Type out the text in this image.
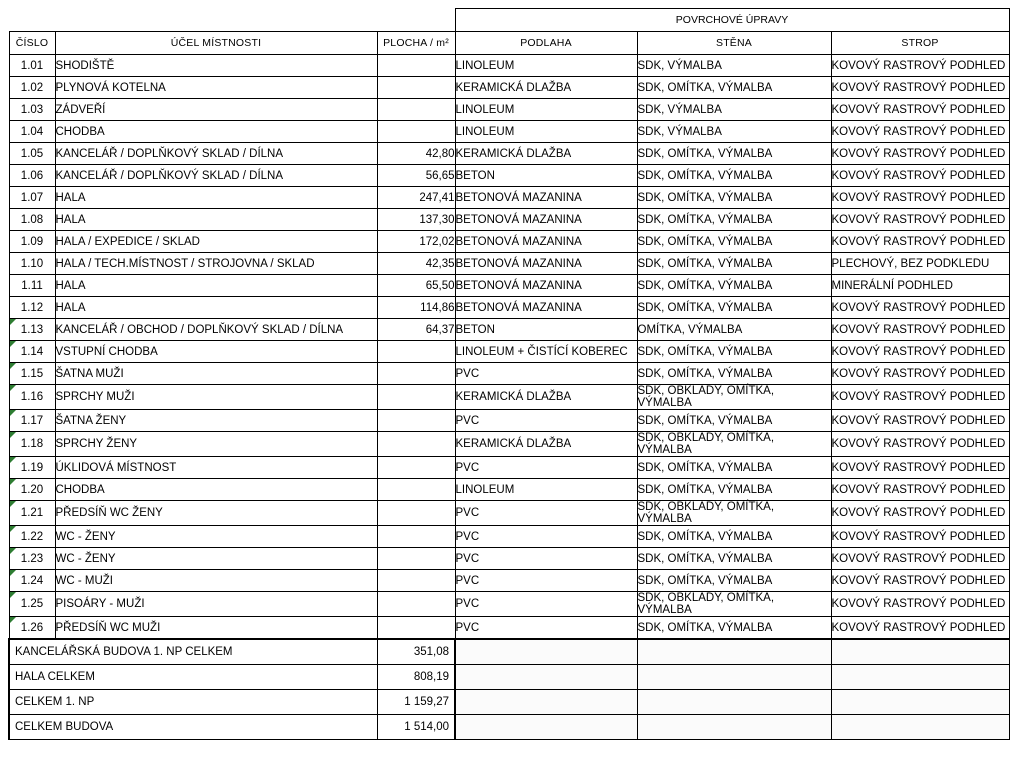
			POVRCHOVÉ ÚPRAVY		
ČÍSLO	ÚČEL MÍSTNOSTI	PLOCHA / m²	PODLAHA	STĚNA	STROP
1.01	SHODIŠTĚ		LINOLEUM	SDK, VÝMALBA	KOVOVÝ RASTROVÝ PODHLED
1.02	PLYNOVÁ KOTELNA		KERAMICKÁ DLAŽBA	SDK, OMÍTKA, VÝMALBA	KOVOVÝ RASTROVÝ PODHLED
1.03	ZÁDVEŘÍ		LINOLEUM	SDK, VÝMALBA	KOVOVÝ RASTROVÝ PODHLED
1.04	CHODBA		LINOLEUM	SDK, VÝMALBA	KOVOVÝ RASTROVÝ PODHLED
1.05	KANCELÁŘ / DOPLŇKOVÝ SKLAD / DÍLNA	42,80	KERAMICKÁ DLAŽBA	SDK, OMÍTKA, VÝMALBA	KOVOVÝ RASTROVÝ PODHLED
1.06	KANCELÁŘ / DOPLŇKOVÝ SKLAD / DÍLNA	56,65	BETON	SDK, OMÍTKA, VÝMALBA	KOVOVÝ RASTROVÝ PODHLED
1.07	HALA	247,41	BETONOVÁ MAZANINA	SDK, OMÍTKA, VÝMALBA	KOVOVÝ RASTROVÝ PODHLED
1.08	HALA	137,30	BETONOVÁ MAZANINA	SDK, OMÍTKA, VÝMALBA	KOVOVÝ RASTROVÝ PODHLED
1.09	HALA / EXPEDICE / SKLAD	172,02	BETONOVÁ MAZANINA	SDK, OMÍTKA, VÝMALBA	KOVOVÝ RASTROVÝ PODHLED
1.10	HALA / TECH.MÍSTNOST / STROJOVNA / SKLAD	42,35	BETONOVÁ MAZANINA	SDK, OMÍTKA, VÝMALBA	PLECHOVÝ, BEZ PODKLEDU
1.11	HALA	65,50	BETONOVÁ MAZANINA	SDK, OMÍTKA, VÝMALBA	MINERÁLNÍ PODHLED
1.12	HALA	114,86	BETONOVÁ MAZANINA	SDK, OMÍTKA, VÝMALBA	KOVOVÝ RASTROVÝ PODHLED

1.13	KANCELÁŘ / OBCHOD / DOPLŇKOVÝ SKLAD / DÍLNA	64,37	BETON	OMÍTKA, VÝMALBA	KOVOVÝ RASTROVÝ PODHLED

1.14	VSTUPNÍ CHODBA		LINOLEUM + ČISTÍCÍ KOBEREC	SDK, OMÍTKA, VÝMALBA	KOVOVÝ RASTROVÝ PODHLED

1.15	ŠATNA MUŽI		PVC	SDK, OMÍTKA, VÝMALBA	KOVOVÝ RASTROVÝ PODHLED

1.16	SPRCHY MUŽI		KERAMICKÁ DLAŽBA	SDK, OBKLADY, OMÍTKA, VÝMALBA	KOVOVÝ RASTROVÝ PODHLED

1.17	ŠATNA ŽENY		PVC	SDK, OMÍTKA, VÝMALBA	KOVOVÝ RASTROVÝ PODHLED

1.18	SPRCHY ŽENY		KERAMICKÁ DLAŽBA	SDK, OBKLADY, OMÍTKA, VÝMALBA	KOVOVÝ RASTROVÝ PODHLED

1.19	ÚKLIDOVÁ MÍSTNOST		PVC	SDK, OMÍTKA, VÝMALBA	KOVOVÝ RASTROVÝ PODHLED

1.20	CHODBA		LINOLEUM	SDK, OMÍTKA, VÝMALBA	KOVOVÝ RASTROVÝ PODHLED

1.21	PŘEDSÍŇ WC ŽENY		PVC	SDK, OBKLADY, OMÍTKA, VÝMALBA	KOVOVÝ RASTROVÝ PODHLED

1.22	WC - ŽENY		PVC	SDK, OMÍTKA, VÝMALBA	KOVOVÝ RASTROVÝ PODHLED

1.23	WC - ŽENY		PVC	SDK, OMÍTKA, VÝMALBA	KOVOVÝ RASTROVÝ PODHLED

1.24	WC - MUŽI		PVC	SDK, OMÍTKA, VÝMALBA	KOVOVÝ RASTROVÝ PODHLED

1.25	PISOÁRY - MUŽI		PVC	SDK, OBKLADY, OMÍTKA, VÝMALBA	KOVOVÝ RASTROVÝ PODHLED

1.26	PŘEDSÍŇ WC MUŽI		PVC	SDK, OMÍTKA, VÝMALBA	KOVOVÝ RASTROVÝ PODHLED
KANCELÁŘSKÁ BUDOVA 1. NP CELKEM		351,08			
HALA CELKEM		808,19			
CELKEM 1. NP		1 159,27			
CELKEM BUDOVA		1 514,00			
